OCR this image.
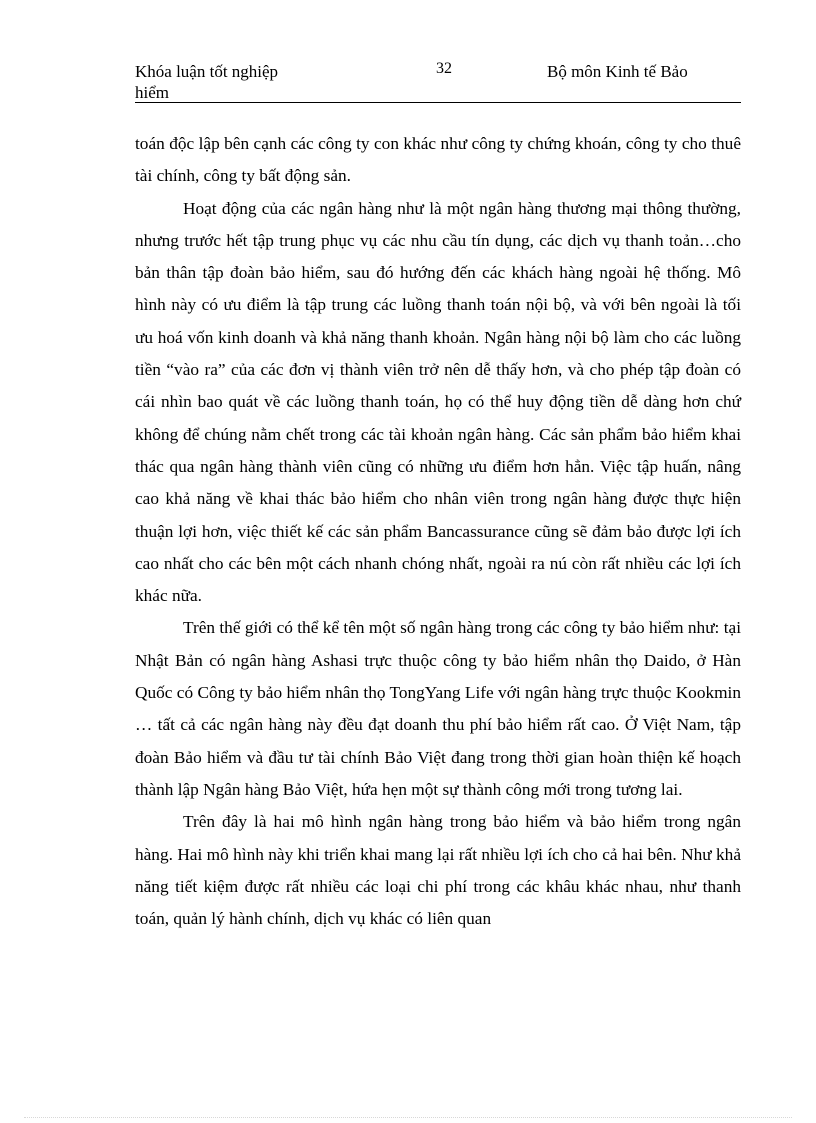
Khóa luận tốt nghiệp
hiểm
32	Bộ môn Kinh tế Bảo

toán độc lập bên cạnh các công ty con khác như công ty chứng khoán, công ty cho thuê tài chính, công ty bất động sản.

Hoạt động của các ngân hàng như là một ngân hàng thương mại thông thường, nhưng trước hết tập trung phục vụ các nhu cầu tín dụng, các dịch vụ thanh toản…cho bản thân tập đoàn bảo hiểm, sau đó hướng đến các khách hàng ngoài hệ thống. Mô hình này có ưu điểm là tập trung các luồng thanh toán nội bộ, và với bên ngoài là tối ưu hoá vốn kinh doanh và khả năng thanh khoản. Ngân hàng nội bộ làm cho các luồng tiền “vào ra” của các đơn vị thành viên trở nên dễ thấy hơn, và cho phép tập đoàn có cái nhìn bao quát về các luồng thanh toán, họ có thể huy động tiền dễ dàng hơn chứ không để chúng nằm chết trong các tài khoản ngân hàng. Các sản phẩm bảo hiểm khai thác qua ngân hàng thành viên cũng có những ưu điểm hơn hẳn. Việc tập huấn, nâng cao khả năng về khai thác bảo hiểm cho nhân viên trong ngân hàng được thực hiện thuận lợi hơn, việc thiết kế các sản phẩm Bancassurance cũng sẽ đảm bảo được lợi ích cao nhất cho các bên một cách nhanh chóng nhất, ngoài ra nú còn rất nhiều các lợi ích khác nữa.

Trên thế giới có thể kể tên một số ngân hàng trong các công ty bảo hiểm như: tại Nhật Bản có ngân hàng Ashasi trực thuộc công ty bảo hiểm nhân thọ Daido, ở Hàn Quốc có Công ty bảo hiểm nhân thọ TongYang Life với ngân hàng trực thuộc Kookmin … tất cả các ngân hàng này đều đạt doanh thu phí bảo hiểm rất cao. Ở Việt Nam, tập đoàn Bảo hiểm và đầu tư tài chính Bảo Việt đang trong thời gian hoàn thiện kế hoạch thành lập Ngân hàng Bảo Việt, hứa hẹn một sự thành công mới trong tương lai.

Trên đây là hai mô hình ngân hàng trong bảo hiểm và bảo hiểm trong ngân hàng. Hai mô hình này khi triển khai mang lại rất nhiều lợi ích cho cả hai bên. Như khả năng tiết kiệm được rất nhiều các loại chi phí trong các khâu khác nhau, như thanh toán, quản lý hành chính, dịch vụ khác có liên quan
